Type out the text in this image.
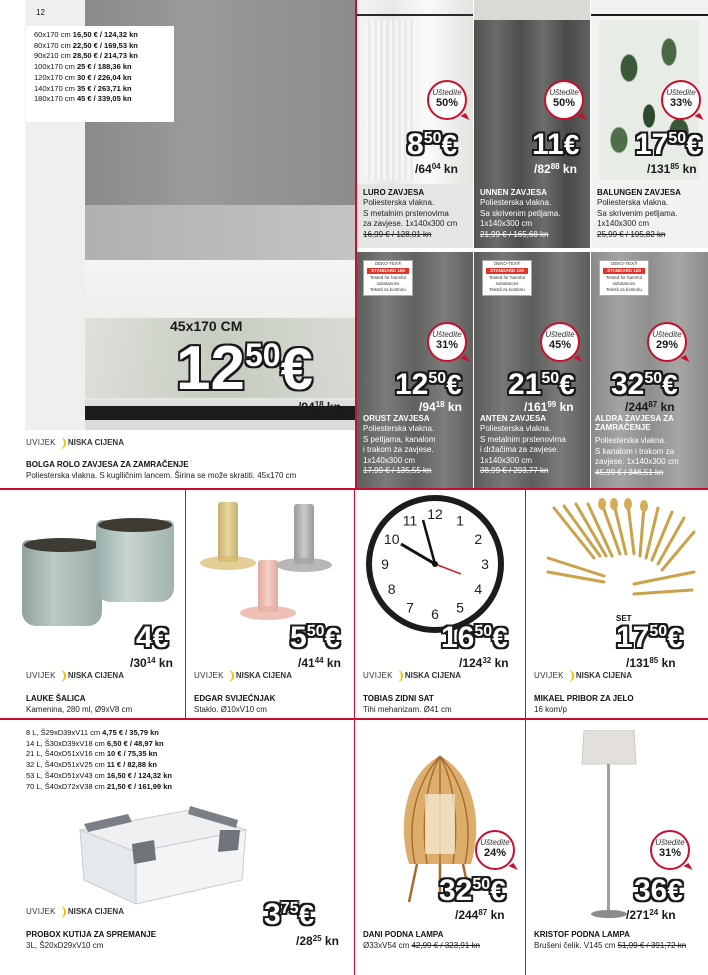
12
60x170 cm 16,50 € / 124,32 kn
80x170 cm 22,50 € / 169,53 kn
90x210 cm 28,50 € / 214,73 kn
100x170 cm 25 € / 188,36 kn
120x170 cm 30 € / 226,04 kn
140x170 cm 35 € / 263,71 kn
180x170 cm 45 € / 339,05 kn
45x170 CM
1250€
$/94^{18}$ kn
UVIJEK NISKA CIJENA
BOLGA ROLO ZAVJESA ZA ZAMRAČENJE
Poliesterska vlakna. S kuglličnim lancem. Širina se može skratiti. 45x170 cm
Uštedite
50%
850€
$/64^{04}$ kn
LURO ZAVJESA
Poliesterska vlakna.
S metalnim prstenovima
za zavjese. 1x140x300 cm
16,99 € / 128,01 kn
Uštedite
50%
11€
$/82^{88}$ kn
UNNEN ZAVJESA
Poliesterska vlakna.
Sa skrivenim petljama.
1x140x300 cm
21,99 € / 165,68 kn
Uštedite
33%
1750€
$/131^{85}$ kn
BALUNGEN ZAVJESA
Poliesterska vlakna.
Sa skrivenim petljama.
1x140x300 cm
25,99 € / 195,82 kn
OEKO-TEX®
STANDARD 100
Tested for harmful substances
Tekstil za kontrolu
Uštedite
31%
1250€
$/94^{18}$ kn
ORUST ZAVJESA
Poliesterska vlakna.
S petljama, kanalom
i trakom za zavjese.
1x140x300 cm
17,99 € / 135,55 kn
OEKO-TEX®
STANDARD 100
Tested for harmful substances
Tekstil za kontrolu
Uštedite
45%
2150€
$/161^{99}$ kn
ANTEN ZAVJESA
Poliesterska vlakna.
S metalnim prstenovima
i držačima za zavjese.
1x140x300 cm
38,99 € / 293,77 kn
OEKO-TEX®
STANDARD 100
Tested for harmful substances
Tekstil za kontrolu
Uštedite
29%
3250€
$/244^{87}$ kn
ALDRA ZAVJESA ZA
ZAMRAČENJE
Poliesterska vlakna.
S kanalom i trakom za
zavjese. 1x140x300 cm
45,99 € / 346,51 kn
4€
$/30^{14}$ kn
UVIJEK NISKA CIJENA
LAUKE ŠALICA
Kamenina, 280 ml, Ø9xV8 cm
550€
$/41^{44}$ kn
UVIJEK NISKA CIJENA
EDGAR SVIJEĆNJAK
Staklo. Ø10xV10 cm
12 1
2
3
4
5
6
7
8
9
10
11
1650€
$/124^{32}$ kn
UVIJEK NISKA CIJENA
TOBIAS ZIDNI SAT
Tihi mehanizam. Ø41 cm
SET
1750€
$/131^{85}$ kn
UVIJEK NISKA CIJENA
MIKAEL PRIBOR ZA JELO
16 kom/p
8 L, Š29xD39xV11 cm 4,75 € / 35,79 kn
14 L, Š30xD39xV18 cm 6,50 € / 48,97 kn
21 L, Š40xD51xV16 cm 10 € / 75,35 kn
32 L, Š40xD51xV25 cm 11 € / 82,88 kn
53 L, Š40xD51xV43 cm 16,50 € / 124,32 kn
70 L, Š40xD72xV38 cm 21,50 € / 161,99 kn
UVIJEK NISKA CIJENA	375€
$/28^{25}$ kn
PROBOX KUTIJA ZA SPREMANJE
3L, Š20xD29xV10 cm
Uštedite
24%
3250€
$/244^{87}$ kn
DANI PODNA LAMPA
Ø33xV54 cm 42,99 € / 323,91 kn
Uštedite
31%
36€
$/271^{24}$ kn
KRISTOF PODNA LAMPA
Brušeni čelik. V145 cm 51,99 € / 391,72 kn
